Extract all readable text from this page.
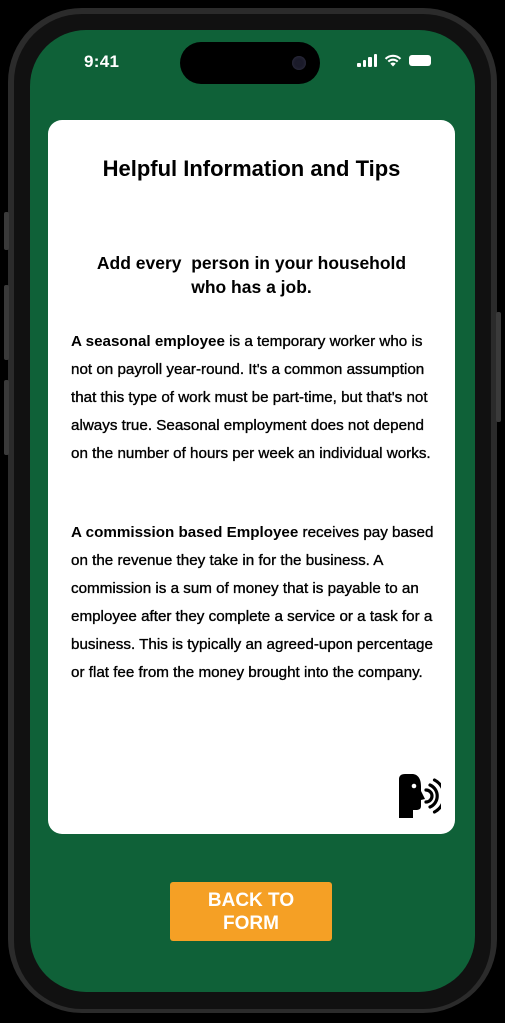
9:41
Helpful Information and Tips

Add every  person in your household who has a job.

A seasonal employee is a temporary worker who is not on payroll year-round. It's a common assumption that this type of work must be part-time, but that's not always true. Seasonal employment does not depend on the number of hours per week an individual works.

A commission based Employee receives pay based on the revenue they take in for the business. A commission is a sum of money that is payable to an employee after they complete a service or a task for a business. This is typically an agreed-upon percentage or flat fee from the money brought into the company.

BACK TO FORM
